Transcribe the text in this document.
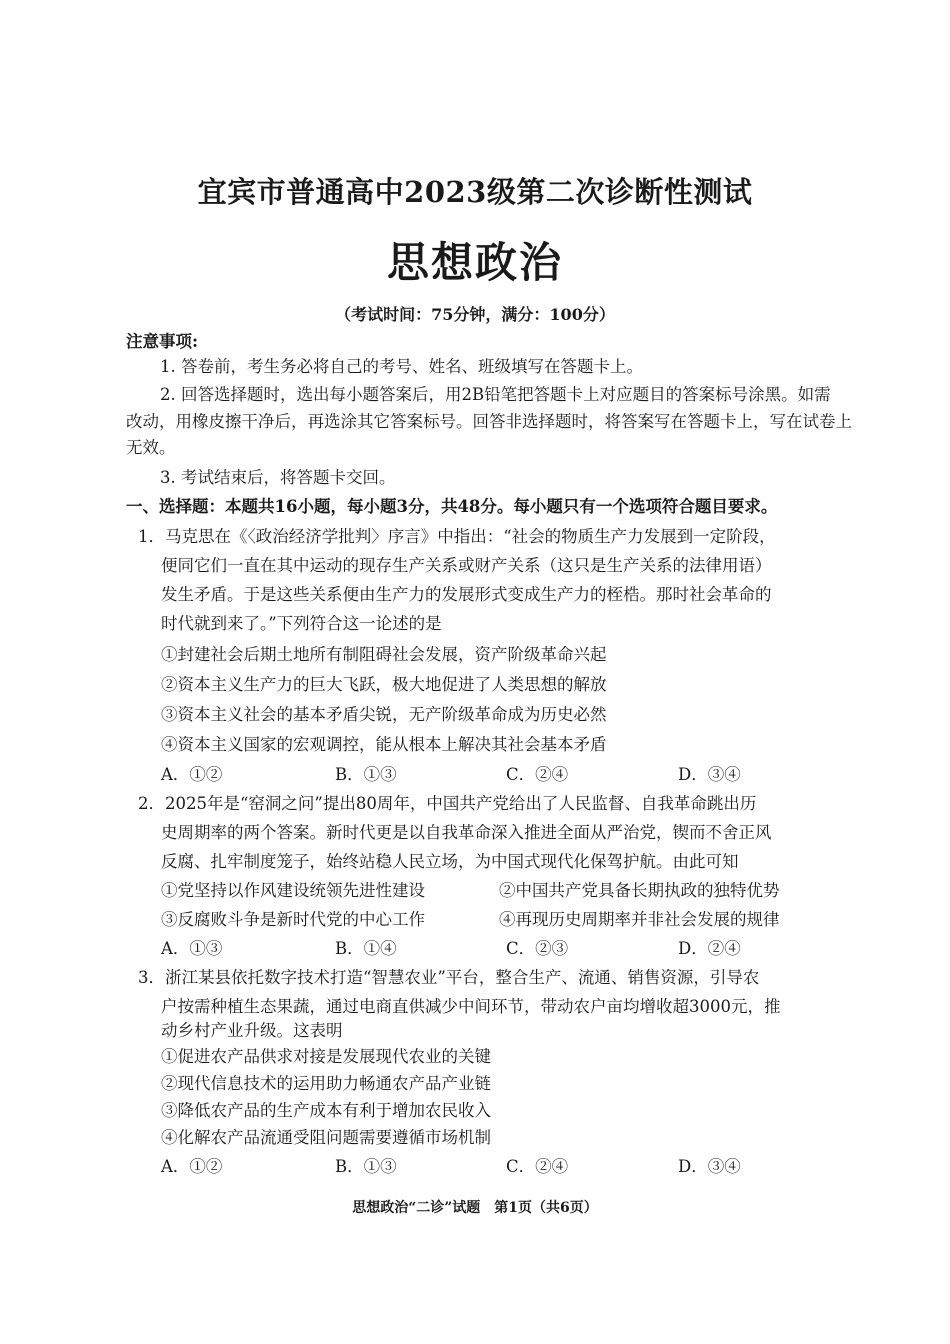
宜宾市普通高中2023级第二次诊断性测试
思想政治
（考试时间：75分钟，满分：100分）
注意事项:
1. 答卷前，考生务必将自己的考号、姓名、班级填写在答题卡上。
2. 回答选择题时，选出每小题答案后，用2B铅笔把答题卡上对应题目的答案标号涂黑。如需
改动，用橡皮擦干净后，再选涂其它答案标号。回答非选择题时，将答案写在答题卡上，写在试卷上
无效。
3. 考试结束后，将答题卡交回。
一、选择题：本题共16小题，每小题3分，共48分。每小题只有一个选项符合题目要求。
1．马克思在《〈政治经济学批判〉序言》中指出：“社会的物质生产力发展到一定阶段，
便同它们一直在其中运动的现存生产关系或财产关系（这只是生产关系的法律用语）
发生矛盾。于是这些关系便由生产力的发展形式变成生产力的桎梏。那时社会革命的
时代就到来了。”下列符合这一论述的是
①封建社会后期土地所有制阻碍社会发展，资产阶级革命兴起
②资本主义生产力的巨大飞跃，极大地促进了人类思想的解放
③资本主义社会的基本矛盾尖锐，无产阶级革命成为历史必然
④资本主义国家的宏观调控，能从根本上解决其社会基本矛盾
A．①②	B．①③	C．②④	D．③④
2．2025年是“窑洞之问”提出80周年，中国共产党给出了人民监督、自我革命跳出历
史周期率的两个答案。新时代更是以自我革命深入推进全面从严治党，锲而不舍正风
反腐、扎牢制度笼子，始终站稳人民立场，为中国式现代化保驾护航。由此可知
①党坚持以作风建设统领先进性建设	②中国共产党具备长期执政的独特优势
③反腐败斗争是新时代党的中心工作	④再现历史周期率并非社会发展的规律
A．①③	B．①④	C．②③	D．②④
3．浙江某县依托数字技术打造“智慧农业”平台，整合生产、流通、销售资源，引导农
户按需种植生态果蔬，通过电商直供减少中间环节，带动农户亩均增收超3000元，推
动乡村产业升级。这表明
①促进农产品供求对接是发展现代农业的关键
②现代信息技术的运用助力畅通农产品产业链
③降低农产品的生产成本有利于增加农民收入
④化解农产品流通受阻问题需要遵循市场机制
A．①②	B．①③	C．②④	D．③④
思想政治“二诊”试题　第1页（共6页）
